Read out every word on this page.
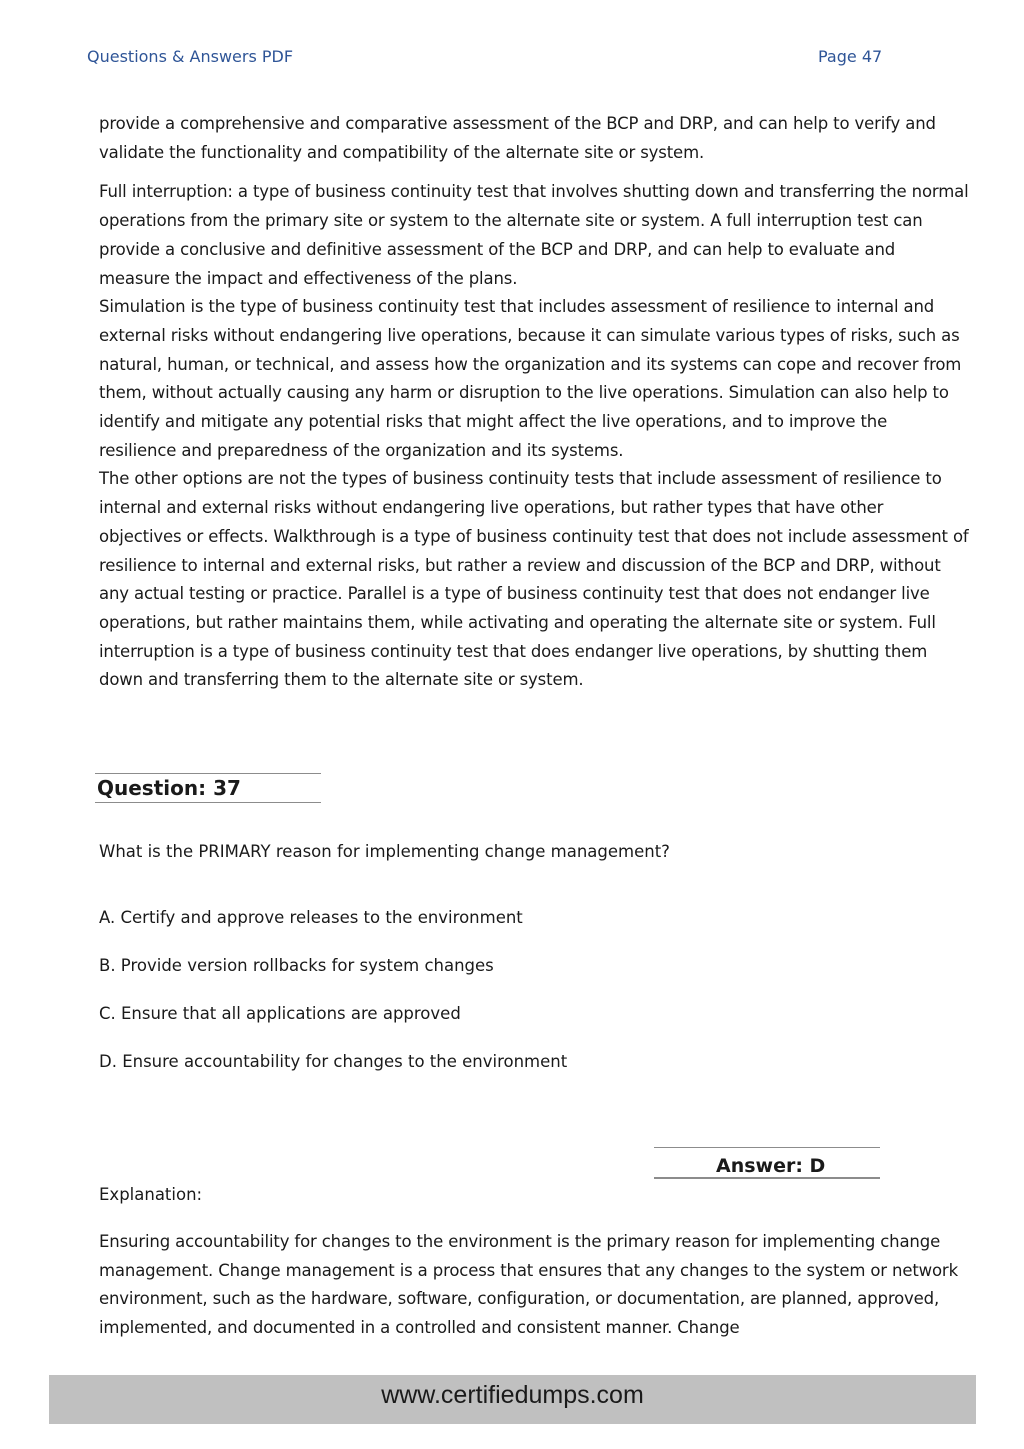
Questions & Answers PDF	Page 47

provide a comprehensive and comparative assessment of the BCP and DRP, and can help to verify and validate the functionality and compatibility of the alternate site or system.

Full interruption: a type of business continuity test that involves shutting down and transferring the normal operations from the primary site or system to the alternate site or system. A full interruption test can provide a conclusive and definitive assessment of the BCP and DRP, and can help to evaluate and measure the impact and effectiveness of the plans.

Simulation is the type of business continuity test that includes assessment of resilience to internal and external risks without endangering live operations, because it can simulate various types of risks, such as natural, human, or technical, and assess how the organization and its systems can cope and recover from them, without actually causing any harm or disruption to the live operations. Simulation can also help to identify and mitigate any potential risks that might affect the live operations, and to improve the resilience and preparedness of the organization and its systems.

The other options are not the types of business continuity tests that include assessment of resilience to internal and external risks without endangering live operations, but rather types that have other objectives or effects. Walkthrough is a type of business continuity test that does not include assessment of resilience to internal and external risks, but rather a review and discussion of the BCP and DRP, without any actual testing or practice. Parallel is a type of business continuity test that does not endanger live operations, but rather maintains them, while activating and operating the alternate site or system. Full interruption is a type of business continuity test that does endanger live operations, by shutting them down and transferring them to the alternate site or system.

Question: 37
What is the PRIMARY reason for implementing change management?
A. Certify and approve releases to the environment
B. Provide version rollbacks for system changes
C. Ensure that all applications are approved
D. Ensure accountability for changes to the environment
Answer: D
Explanation:

Ensuring accountability for changes to the environment is the primary reason for implementing change management. Change management is a process that ensures that any changes to the system or network environment, such as the hardware, software, configuration, or documentation, are planned, approved, implemented, and documented in a controlled and consistent manner. Change

www.certifiedumps.com
